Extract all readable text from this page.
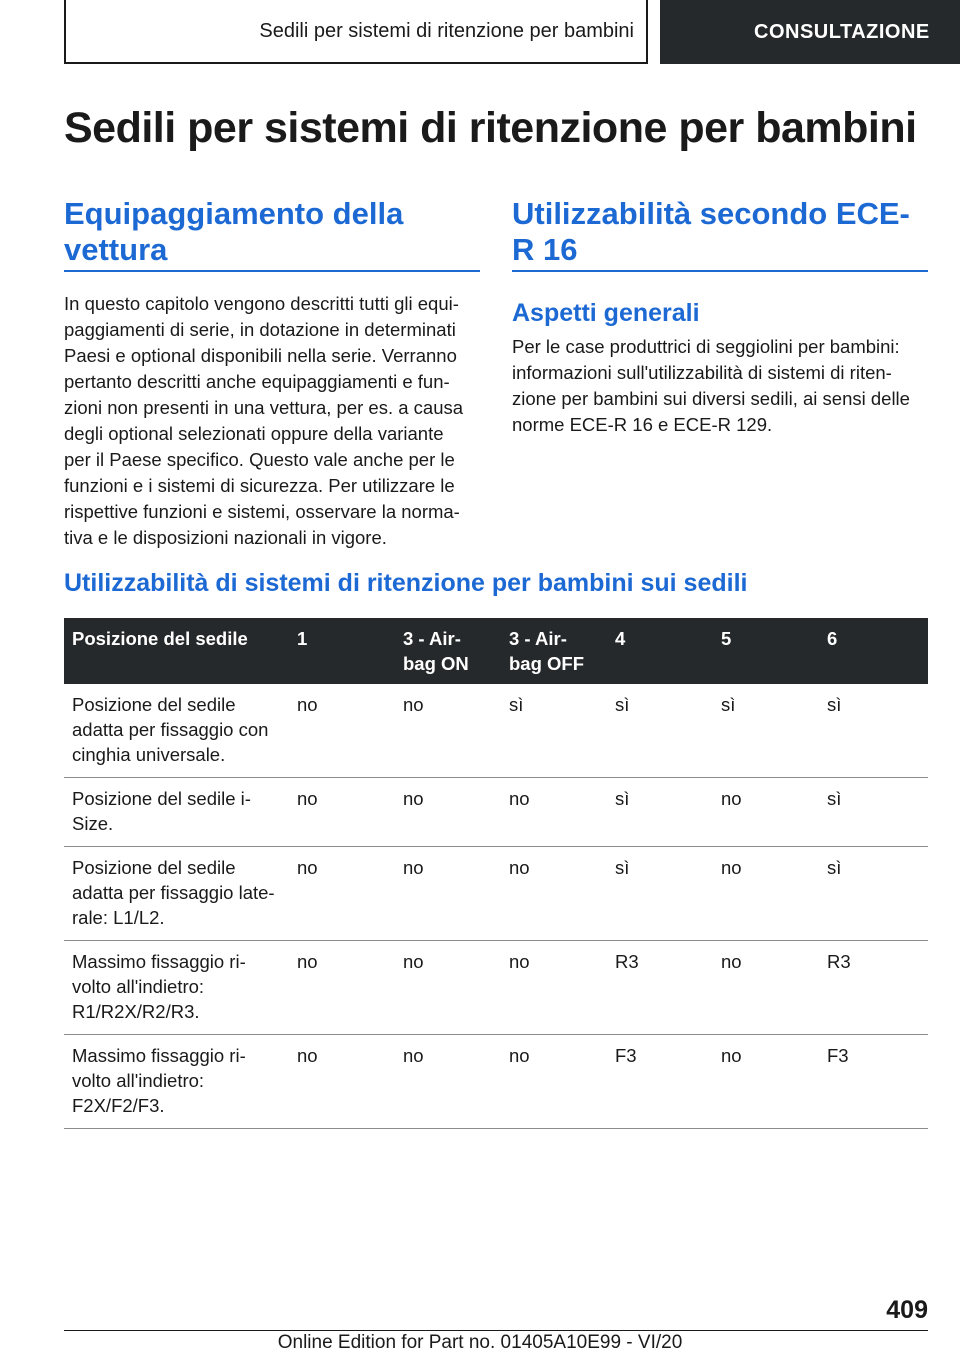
Sedili per sistemi di ritenzione per bambini	CONSULTAZIONE
Sedili per sistemi di ritenzione per bambini
Equipaggiamento della
vettura

In questo capitolo vengono descritti tutti gli equi‐
paggiamenti di serie, in dotazione in determinati
Paesi e optional disponibili nella serie. Verranno
pertanto descritti anche equipaggiamenti e fun‐
zioni non presenti in una vettura, per es. a causa
degli optional selezionati oppure della variante
per il Paese specifico. Questo vale anche per le
funzioni e i sistemi di sicurezza. Per utilizzare le
rispettive funzioni e sistemi, osservare la norma‐
tiva e le disposizioni nazionali in vigore.

Utilizzabilità secondo ECE-
R 16
Aspetti generali

Per le case produttrici di seggiolini per bambini:
informazioni sull'utilizzabilità di sistemi di riten‐
zione per bambini sui diversi sedili, ai sensi delle
norme ECE-R 16 e ECE-R 129.

Utilizzabilità di sistemi di ritenzione per bambini sui sedili
Posizione del sedile	1	3 - Air‐
bag ON	3 - Air‐
bag OFF	4	5	6
Posizione del sedile
adatta per fissaggio con
cinghia universale.	no	no	sì	sì	sì	sì
Posizione del sedile i-
Size.	no	no	no	sì	no	sì
Posizione del sedile
adatta per fissaggio late‐
rale: L1/L2.	no	no	no	sì	no	sì
Massimo fissaggio ri‐
volto all'indietro:
R1/R2X/R2/R3.	no	no	no	R3	no	R3
Massimo fissaggio ri‐
volto all'indietro:
F2X/F2/F3.	no	no	no	F3	no	F3

409

Online Edition for Part no. 01405A10E99 - VI/20
